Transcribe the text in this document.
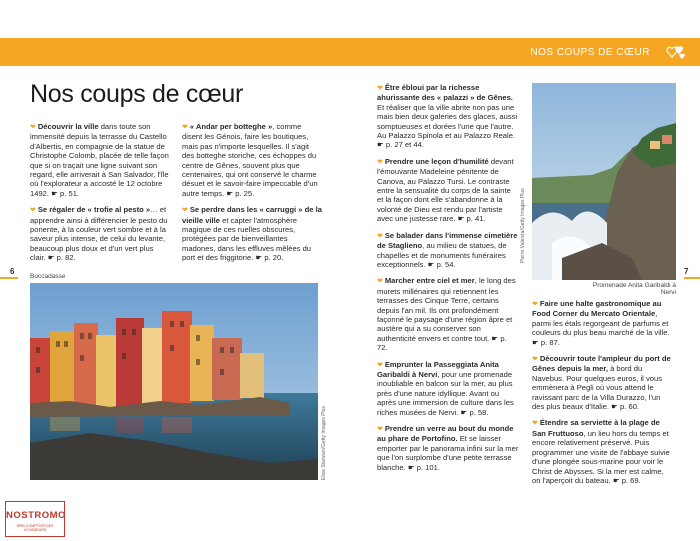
NOS COUPS DE CŒUR
Nos coups de cœur
6	7

❤ Découvrir la ville dans toute son immensité depuis la terrasse du Castello d'Albertis, en compagnie de la statue de Christophe Colomb, placée de telle façon que si on traçait une ligne suivant son regard, elle arriverait à San Salvador, l'île où l'explorateur a accosté le 12 octobre 1492. ☛ p. 51.

❤ Se régaler de « trofie al pesto »… et apprendre ainsi à différencier le pesto du ponente, à la couleur vert sombre et à la saveur plus intense, de celui du levante, beaucoup plus doux et d'un vert plus clair. ☛ p. 82.

❤ « Andar per botteghe », comme disent les Génois, faire les boutiques, mais pas n'importe lesquelles. Il s'agit des botteghe storiche, ces échoppes du centre de Gênes, souvent plus que centenaires, qui ont conservé le charme désuet et le savoir-faire impeccable d'un autre temps. ☛ p. 25.

❤ Se perdre dans les « carruggi » de la vieille ville et capter l'atmosphère magique de ces ruelles obscures, protégées par de bienveillantes madones, dans les effluves mêlées du port et des friggitorie. ☛ p. 20.

❤ Être ébloui par la richesse ahurissante des « palazzi » de Gênes. Et réaliser que la ville abrite non pas une mais bien deux galeries des glaces, aussi somptueuses et dorées l'une que l'autre. Au Palazzo Spinola et au Palazzo Reale. ☛ p. 27 et 44.

❤ Prendre une leçon d'humilité devant l'émouvante Madeleine pénitente de Canova, au Palazzo Tursi. Le contraste entre la sensualité du corps de la sainte et la façon dont elle s'abandonne à la volonté de Dieu est rendu par l'artiste avec une justesse rare. ☛ p. 41.

❤ Se balader dans l'immense cimetière de Staglieno, au milieu de statues, de chapelles et de monuments funéraires exceptionnels. ☛ p. 54.

❤ Marcher entre ciel et mer, le long des murets millénaires qui retiennent les terrasses des Cinque Terre, certains depuis l'an mil. Ils ont profondément façonné le paysage d'une région âpre et austère qui a su conserver son authenticité envers et contre tout. ☛ p. 72.

❤ Emprunter la Passeggiata Anita Garibaldi à Nervi, pour une promenade inoubliable en balcon sur la mer, au plus près d'une nature idyllique. Avant ou après une immersion de culture dans les riches musées de Nervi. ☛ p. 58.

❤ Prendre un verre au bout du monde au phare de Portofino. Et se laisser emporter par le panorama infini sur la mer que l'on surplombe d'une petite terrasse blanche. ☛ p. 101.

❤ Faire une halte gastronomique au Food Corner du Mercato Orientale, parmi les étals regorgeant de parfums et couleurs du plus beau marché de la ville. ☛ p. 87.

❤ Découvrir toute l'ampleur du port de Gênes depuis la mer, à bord du Navebus. Pour quelques euros, il vous emmènera à Pegli où vous attend le ravissant parc de la Villa Durazzo, l'un des plus beaux d'Italie. ☛ p. 60.

❤ Étendre sa serviette à la plage de San Fruttuoso, un lieu hors du temps et encore relativement préservé. Puis programmer une visite de l'abbaye suivie d'une plongée sous-marine pour voir le Christ de Abysses. Si la mer est calme, on l'aperçoit du bateau. ☛ p. 69.

Boccadasse
Elisa Stanzani/Getty Images Plus
Pierre Valenza/Getty Images Plus
Promenade Anita Garibaldi à Nervi
NOSTROMO
WEB COMPTOIR DES VOYAGEURS
